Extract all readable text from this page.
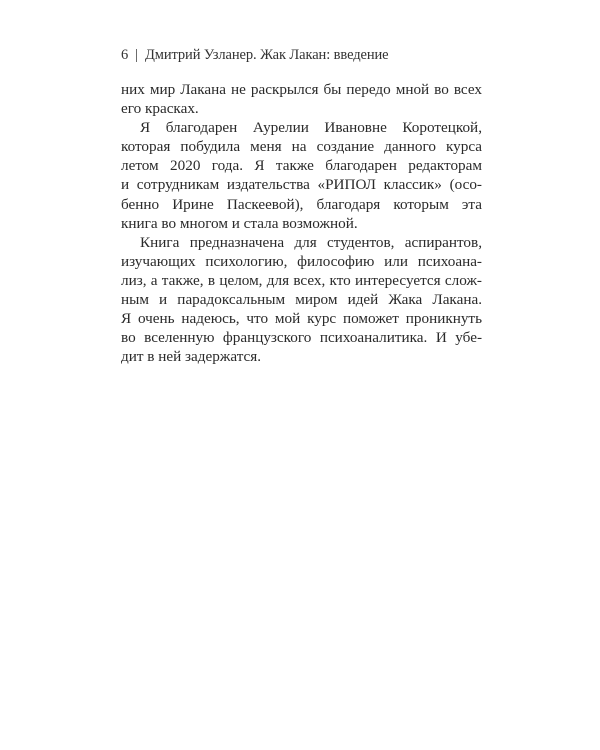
6 | Дмитрий Узланер. Жак Лакан: введение

них мир Лакана не раскрылся бы передо мной во всех
его красках.

Я благодарен Аурелии Ивановне Коротецкой,
которая побудила меня на создание данного курса
летом 2020 года. Я также благодарен редакторам
и сотрудникам издательства «РИПОЛ классик» (осо-
бенно Ирине Паскеевой), благодаря которым эта
книга во многом и стала возможной.

Книга предназначена для студентов, аспирантов,
изучающих психологию, философию или психоана-
лиз, а также, в целом, для всех, кто интересуется слож-
ным и парадоксальным миром идей Жака Лакана.
Я очень надеюсь, что мой курс поможет проникнуть
во вселенную французского психоаналитика. И убе-
дит в ней задержатся.
